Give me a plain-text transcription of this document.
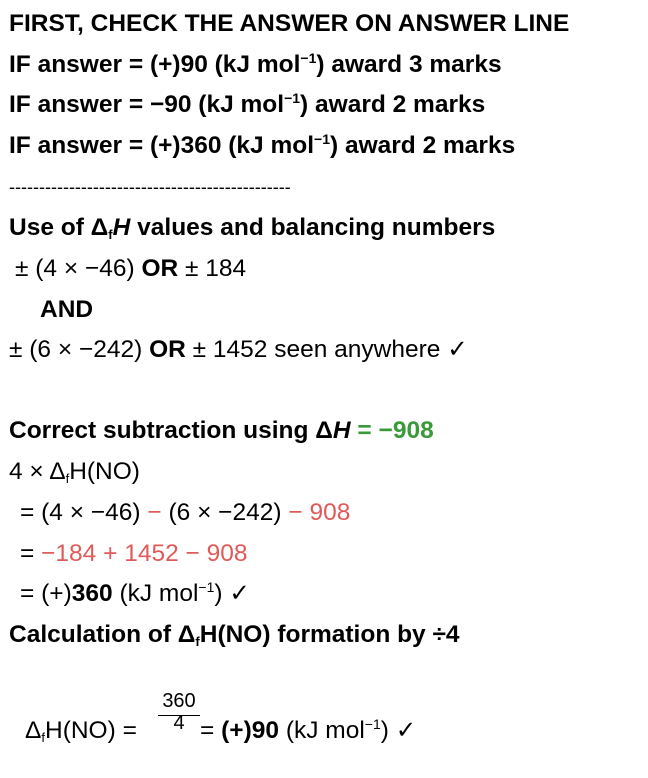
FIRST, CHECK THE ANSWER ON ANSWER LINE
IF answer = (+)90 (kJ mol$^{-1}$) award 3 marks
IF answer = −90 (kJ mol$^{-1}$) award 2 marks
IF answer = (+)360 (kJ mol$^{-1}$) award 2 marks
-----------------------------------------------
Use of $\Delta_fH$ values and balancing numbers
± (4 × −46) OR ± 184
AND
± (6 × −242) OR ± 1452 seen anywhere ✓
Correct subtraction using ΔH = −908
$4 \times \Delta_fH(NO)$
= (4 × −46) − (6 × −242) − 908
= −184 + 1452 − 908
= (+)360 (kJ mol$^{-1}$) ✓
Calculation of $\Delta_fH(NO)$ formation by ÷4
$\Delta_fH(NO)$ =
360
4 = (+)90 (kJ mol$^{-1}$) ✓
